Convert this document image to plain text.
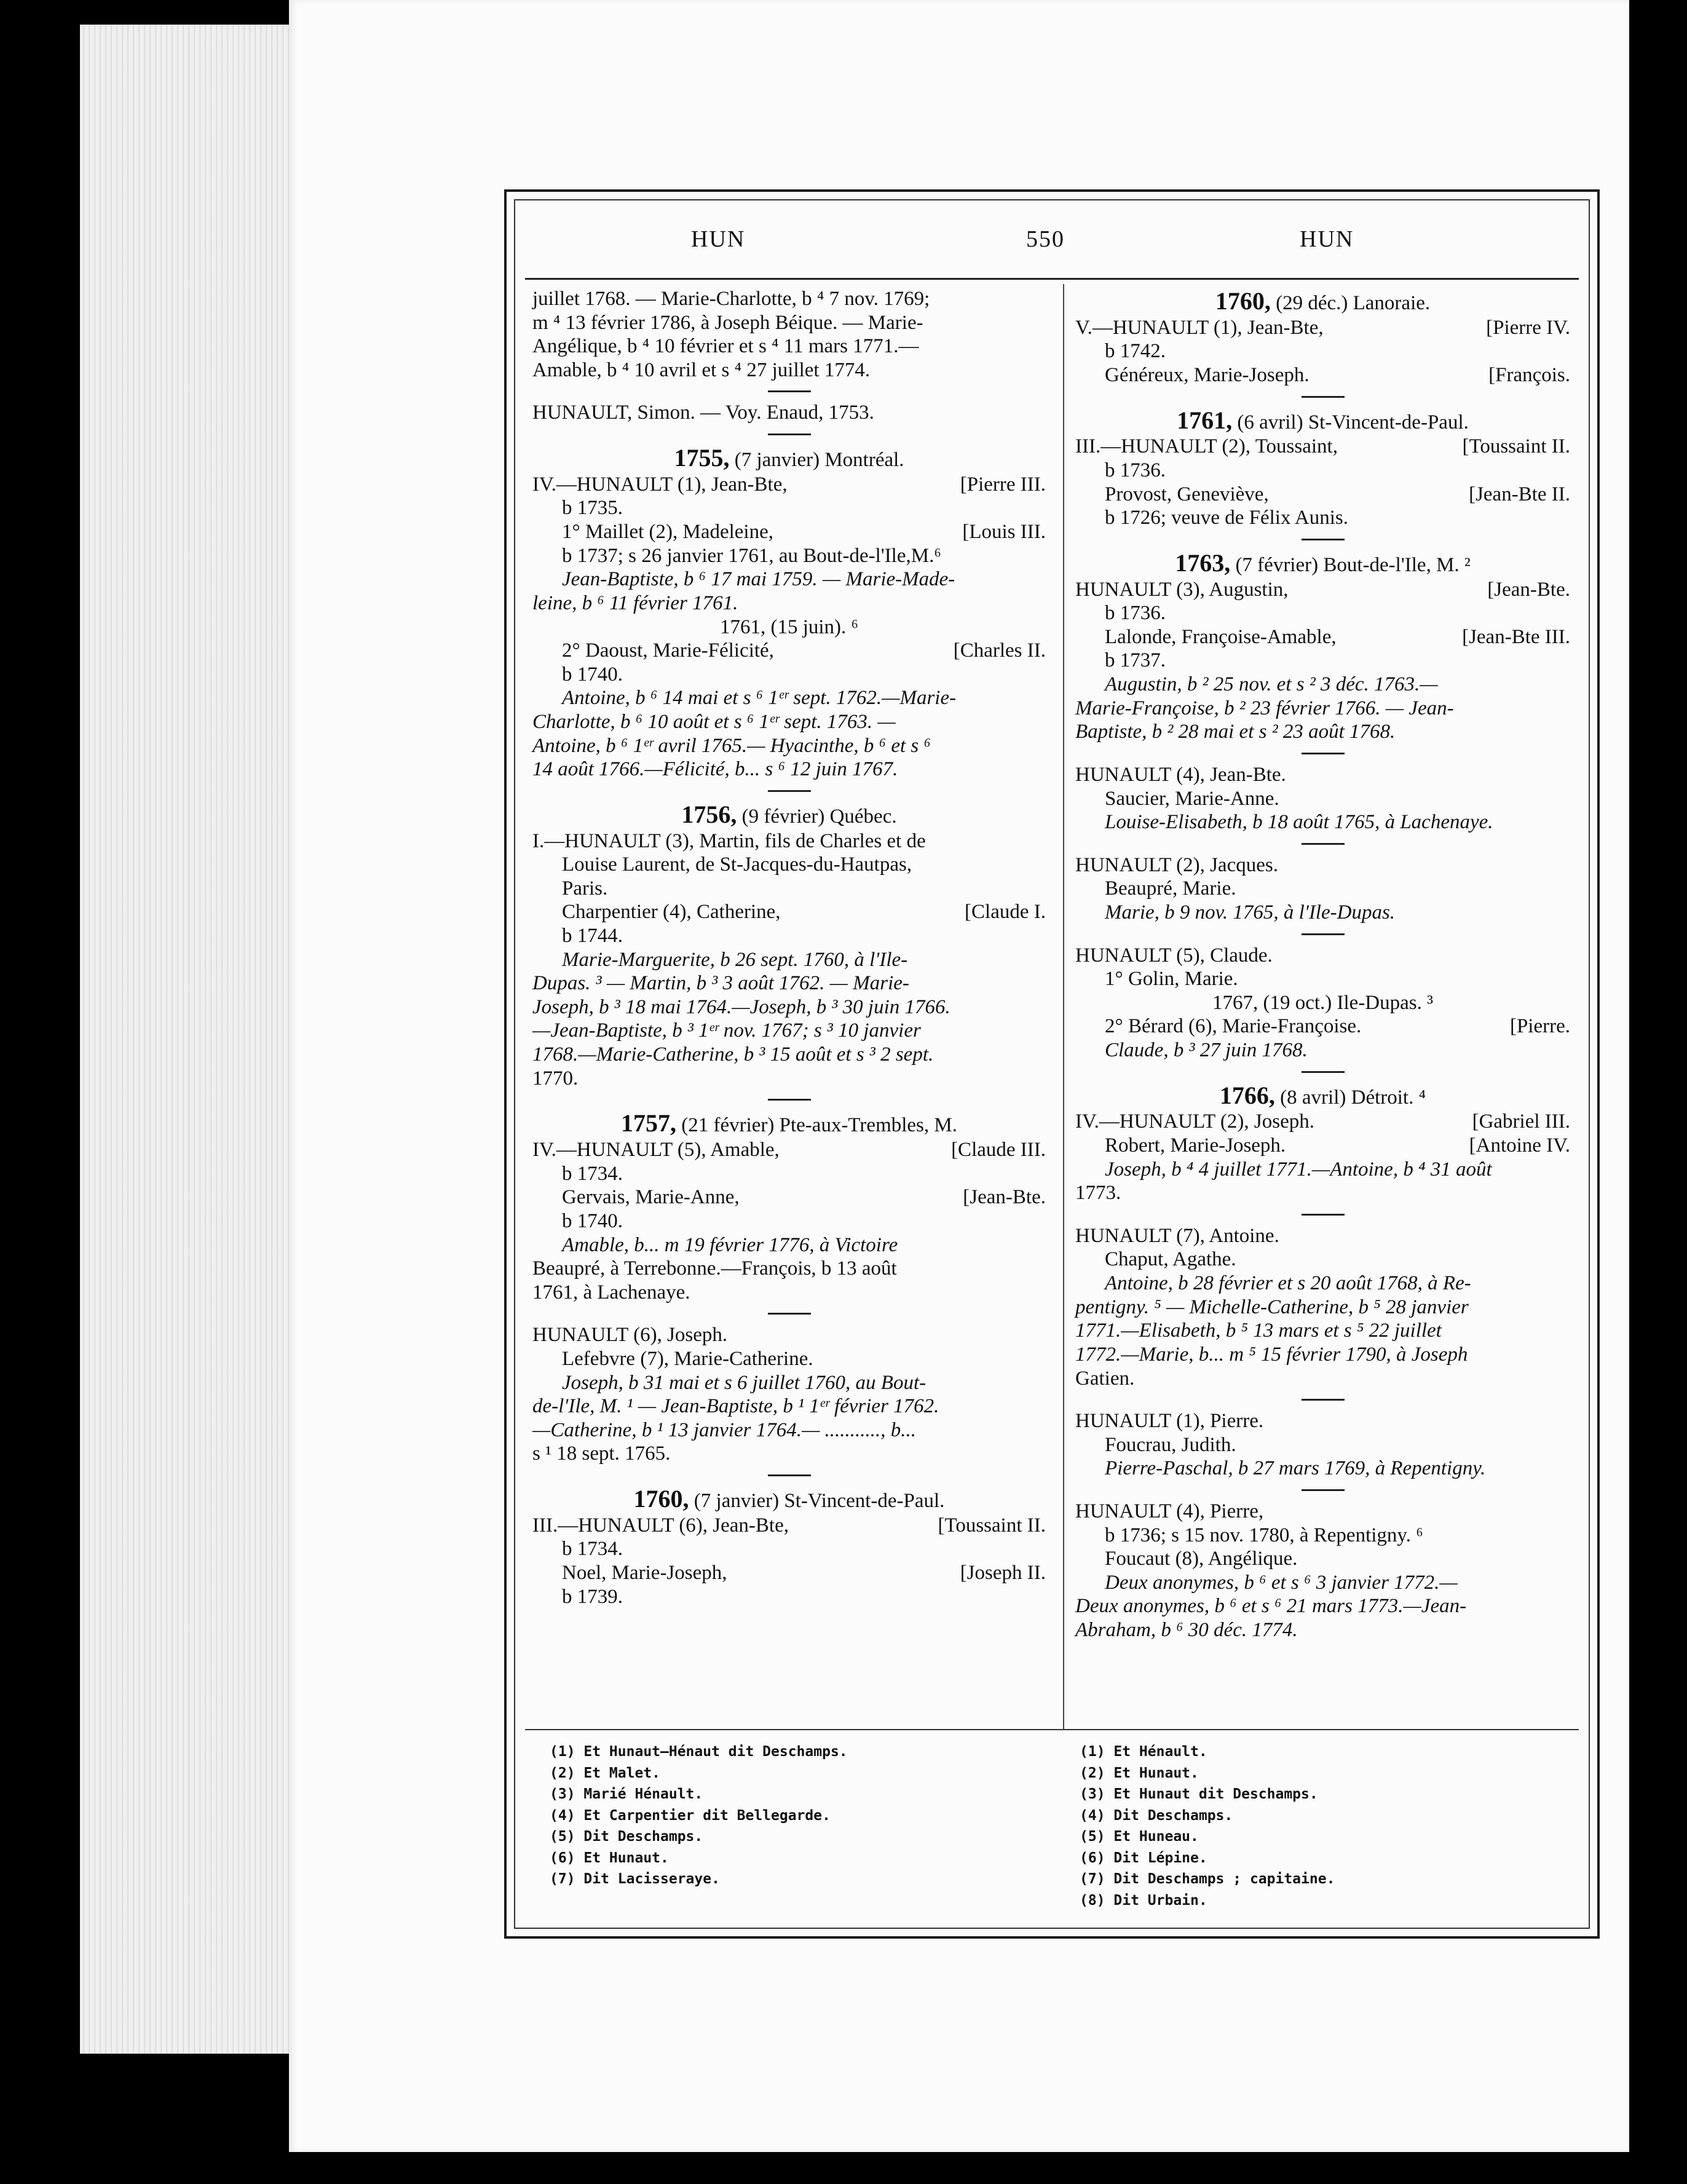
HUN	550	HUN

juillet 1768. — Marie-Charlotte, b ⁴ 7 nov. 1769;

m ⁴ 13 février 1786, à Joseph Béique. — Marie-

Angélique, b ⁴ 10 février et s ⁴ 11 mars 1771.—

Amable, b ⁴ 10 avril et s ⁴ 27 juillet 1774.

HUNAULT, Simon. — Voy. Enaud, 1753.

1755, (7 janvier) Montréal.

IV.—HUNAULT (1), Jean-Bte,	[Pierre III.

b 1735.

1° Maillet (2), Madeleine,	[Louis III.

b 1737; s 26 janvier 1761, au Bout-de-l'Ile,M.⁶

Jean-Baptiste, b ⁶ 17 mai 1759. — Marie-Made-

leine, b ⁶ 11 février 1761.

1761, (15 juin). ⁶

2° Daoust, Marie-Félicité,	[Charles II.

b 1740.

Antoine, b ⁶ 14 mai et s ⁶ 1ᵉʳ sept. 1762.—Marie-

Charlotte, b ⁶ 10 août et s ⁶ 1ᵉʳ sept. 1763. —

Antoine, b ⁶ 1ᵉʳ avril 1765.— Hyacinthe, b ⁶ et s ⁶

14 août 1766.—Félicité, b... s ⁶ 12 juin 1767.

1756, (9 février) Québec.

I.—HUNAULT (3), Martin, fils de Charles et de

Louise Laurent, de St-Jacques-du-Hautpas,

Paris.

Charpentier (4), Catherine,	[Claude I.

b 1744.

Marie-Marguerite, b 26 sept. 1760, à l'Ile-

Dupas. ³ — Martin, b ³ 3 août 1762. — Marie-

Joseph, b ³ 18 mai 1764.—Joseph, b ³ 30 juin 1766.

—Jean-Baptiste, b ³ 1ᵉʳ nov. 1767; s ³ 10 janvier

1768.—Marie-Catherine, b ³ 15 août et s ³ 2 sept.

1770.

1757, (21 février) Pte-aux-Trembles, M.

IV.—HUNAULT (5), Amable,	[Claude III.

b 1734.

Gervais, Marie-Anne,	[Jean-Bte.

b 1740.

Amable, b... m 19 février 1776, à Victoire

Beaupré, à Terrebonne.—François, b 13 août

1761, à Lachenaye.

HUNAULT (6), Joseph.

Lefebvre (7), Marie-Catherine.

Joseph, b 31 mai et s 6 juillet 1760, au Bout-

de-l'Ile, M. ¹ — Jean-Baptiste, b ¹ 1ᵉʳ février 1762.

—Catherine, b ¹ 13 janvier 1764.— ..........., b...

s ¹ 18 sept. 1765.

1760, (7 janvier) St-Vincent-de-Paul.

III.—HUNAULT (6), Jean-Bte,	[Toussaint II.

b 1734.

Noel, Marie-Joseph,	[Joseph II.

b 1739.

1760, (29 déc.) Lanoraie.

V.—HUNAULT (1), Jean-Bte,	[Pierre IV.

b 1742.

Généreux, Marie-Joseph.	[François.

1761, (6 avril) St-Vincent-de-Paul.

III.—HUNAULT (2), Toussaint,	[Toussaint II.

b 1736.

Provost, Geneviève,	[Jean-Bte II.

b 1726; veuve de Félix Aunis.

1763, (7 février) Bout-de-l'Ile, M. ²

HUNAULT (3), Augustin,	[Jean-Bte.

b 1736.

Lalonde, Françoise-Amable,	[Jean-Bte III.

b 1737.

Augustin, b ² 25 nov. et s ² 3 déc. 1763.—

Marie-Françoise, b ² 23 février 1766. — Jean-

Baptiste, b ² 28 mai et s ² 23 août 1768.

HUNAULT (4), Jean-Bte.

Saucier, Marie-Anne.

Louise-Elisabeth, b 18 août 1765, à Lachenaye.

HUNAULT (2), Jacques.

Beaupré, Marie.

Marie, b 9 nov. 1765, à l'Ile-Dupas.

HUNAULT (5), Claude.

1° Golin, Marie.

1767, (19 oct.) Ile-Dupas. ³

2° Bérard (6), Marie-Françoise.	[Pierre.

Claude, b ³ 27 juin 1768.

1766, (8 avril) Détroit. ⁴

IV.—HUNAULT (2), Joseph.	[Gabriel III.

Robert, Marie-Joseph.	[Antoine IV.

Joseph, b ⁴ 4 juillet 1771.—Antoine, b ⁴ 31 août

1773.

HUNAULT (7), Antoine.

Chaput, Agathe.

Antoine, b 28 février et s 20 août 1768, à Re-

pentigny. ⁵ — Michelle-Catherine, b ⁵ 28 janvier

1771.—Elisabeth, b ⁵ 13 mars et s ⁵ 22 juillet

1772.—Marie, b... m ⁵ 15 février 1790, à Joseph

Gatien.

HUNAULT (1), Pierre.

Foucrau, Judith.

Pierre-Paschal, b 27 mars 1769, à Repentigny.

HUNAULT (4), Pierre,

b 1736; s 15 nov. 1780, à Repentigny. ⁶

Foucaut (8), Angélique.

Deux anonymes, b ⁶ et s ⁶ 3 janvier 1772.—

Deux anonymes, b ⁶ et s ⁶ 21 mars 1773.—Jean-

Abraham, b ⁶ 30 déc. 1774.

(1) Et Hunaut—Hénaut dit Deschamps.

(2) Et Malet.

(3) Marié Hénault.

(4) Et Carpentier dit Bellegarde.

(5) Dit Deschamps.

(6) Et Hunaut.

(7) Dit Lacisseraye.

(1) Et Hénault.

(2) Et Hunaut.

(3) Et Hunaut dit Deschamps.

(4) Dit Deschamps.

(5) Et Huneau.

(6) Dit Lépine.

(7) Dit Deschamps ; capitaine.

(8) Dit Urbain.
